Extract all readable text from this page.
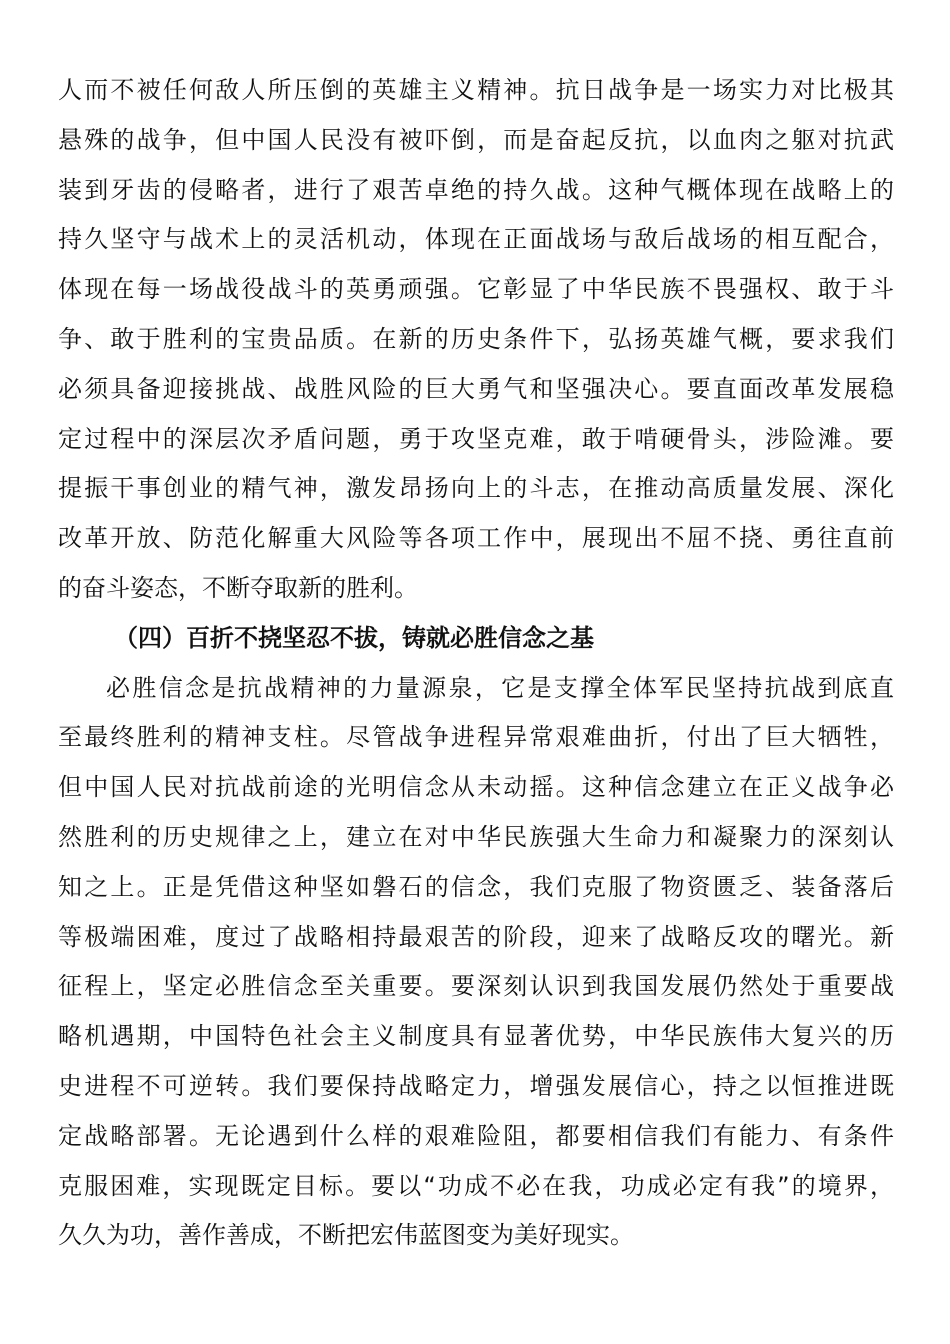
人而不被任何敌人所压倒的英雄主义精神。抗日战争是一场实力对比极其
悬殊的战争，但中国人民没有被吓倒，而是奋起反抗，以血肉之躯对抗武
装到牙齿的侵略者，进行了艰苦卓绝的持久战。这种气概体现在战略上的
持久坚守与战术上的灵活机动，体现在正面战场与敌后战场的相互配合，
体现在每一场战役战斗的英勇顽强。它彰显了中华民族不畏强权、敢于斗
争、敢于胜利的宝贵品质。在新的历史条件下，弘扬英雄气概，要求我们
必须具备迎接挑战、战胜风险的巨大勇气和坚强决心。要直面改革发展稳
定过程中的深层次矛盾问题，勇于攻坚克难，敢于啃硬骨头，涉险滩。要
提振干事创业的精气神，激发昂扬向上的斗志，在推动高质量发展、深化
改革开放、防范化解重大风险等各项工作中，展现出不屈不挠、勇往直前
的奋斗姿态，不断夺取新的胜利。
（四）百折不挠坚忍不拔，铸就必胜信念之基
必胜信念是抗战精神的力量源泉，它是支撑全体军民坚持抗战到底直
至最终胜利的精神支柱。尽管战争进程异常艰难曲折，付出了巨大牺牲，
但中国人民对抗战前途的光明信念从未动摇。这种信念建立在正义战争必
然胜利的历史规律之上，建立在对中华民族强大生命力和凝聚力的深刻认
知之上。正是凭借这种坚如磐石的信念，我们克服了物资匮乏、装备落后
等极端困难，度过了战略相持最艰苦的阶段，迎来了战略反攻的曙光。新
征程上，坚定必胜信念至关重要。要深刻认识到我国发展仍然处于重要战
略机遇期，中国特色社会主义制度具有显著优势，中华民族伟大复兴的历
史进程不可逆转。我们要保持战略定力，增强发展信心，持之以恒推进既
定战略部署。无论遇到什么样的艰难险阻，都要相信我们有能力、有条件
克服困难，实现既定目标。要以“功成不必在我，功成必定有我”的境界，
久久为功，善作善成，不断把宏伟蓝图变为美好现实。
